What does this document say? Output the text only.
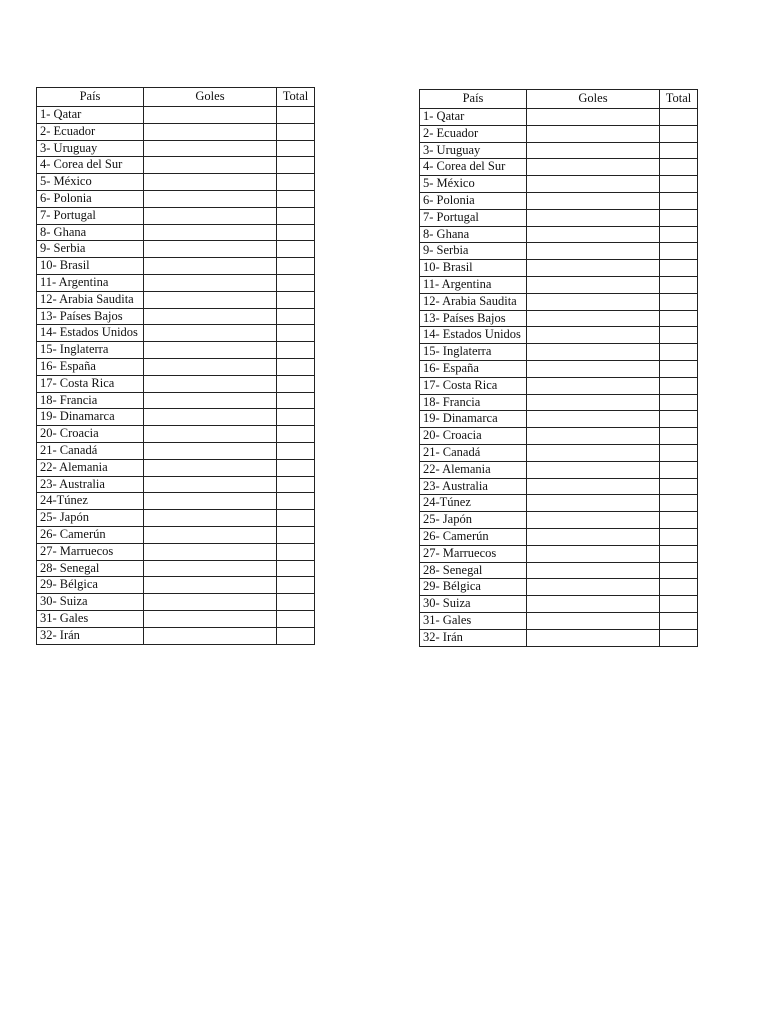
País	Goles	Total
1- Qatar		
2- Ecuador		
3- Uruguay		
4- Corea del Sur		
5- México		
6- Polonia		
7- Portugal		
8- Ghana		
9- Serbia		
10- Brasil		
11- Argentina		
12- Arabia Saudita		
13- Países Bajos		
14- Estados Unidos		
15- Inglaterra		
16- España		
17- Costa Rica		
18- Francia		
19- Dinamarca		
20- Croacia		
21- Canadá		
22- Alemania		
23- Australia		
24-Túnez		
25- Japón		
26- Camerún		
27- Marruecos		
28- Senegal		
29- Bélgica		
30- Suiza		
31- Gales		
32- Irán		
País	Goles	Total
1- Qatar		
2- Ecuador		
3- Uruguay		
4- Corea del Sur		
5- México		
6- Polonia		
7- Portugal		
8- Ghana		
9- Serbia		
10- Brasil		
11- Argentina		
12- Arabia Saudita		
13- Países Bajos		
14- Estados Unidos		
15- Inglaterra		
16- España		
17- Costa Rica		
18- Francia		
19- Dinamarca		
20- Croacia		
21- Canadá		
22- Alemania		
23- Australia		
24-Túnez		
25- Japón		
26- Camerún		
27- Marruecos		
28- Senegal		
29- Bélgica		
30- Suiza		
31- Gales		
32- Irán		
